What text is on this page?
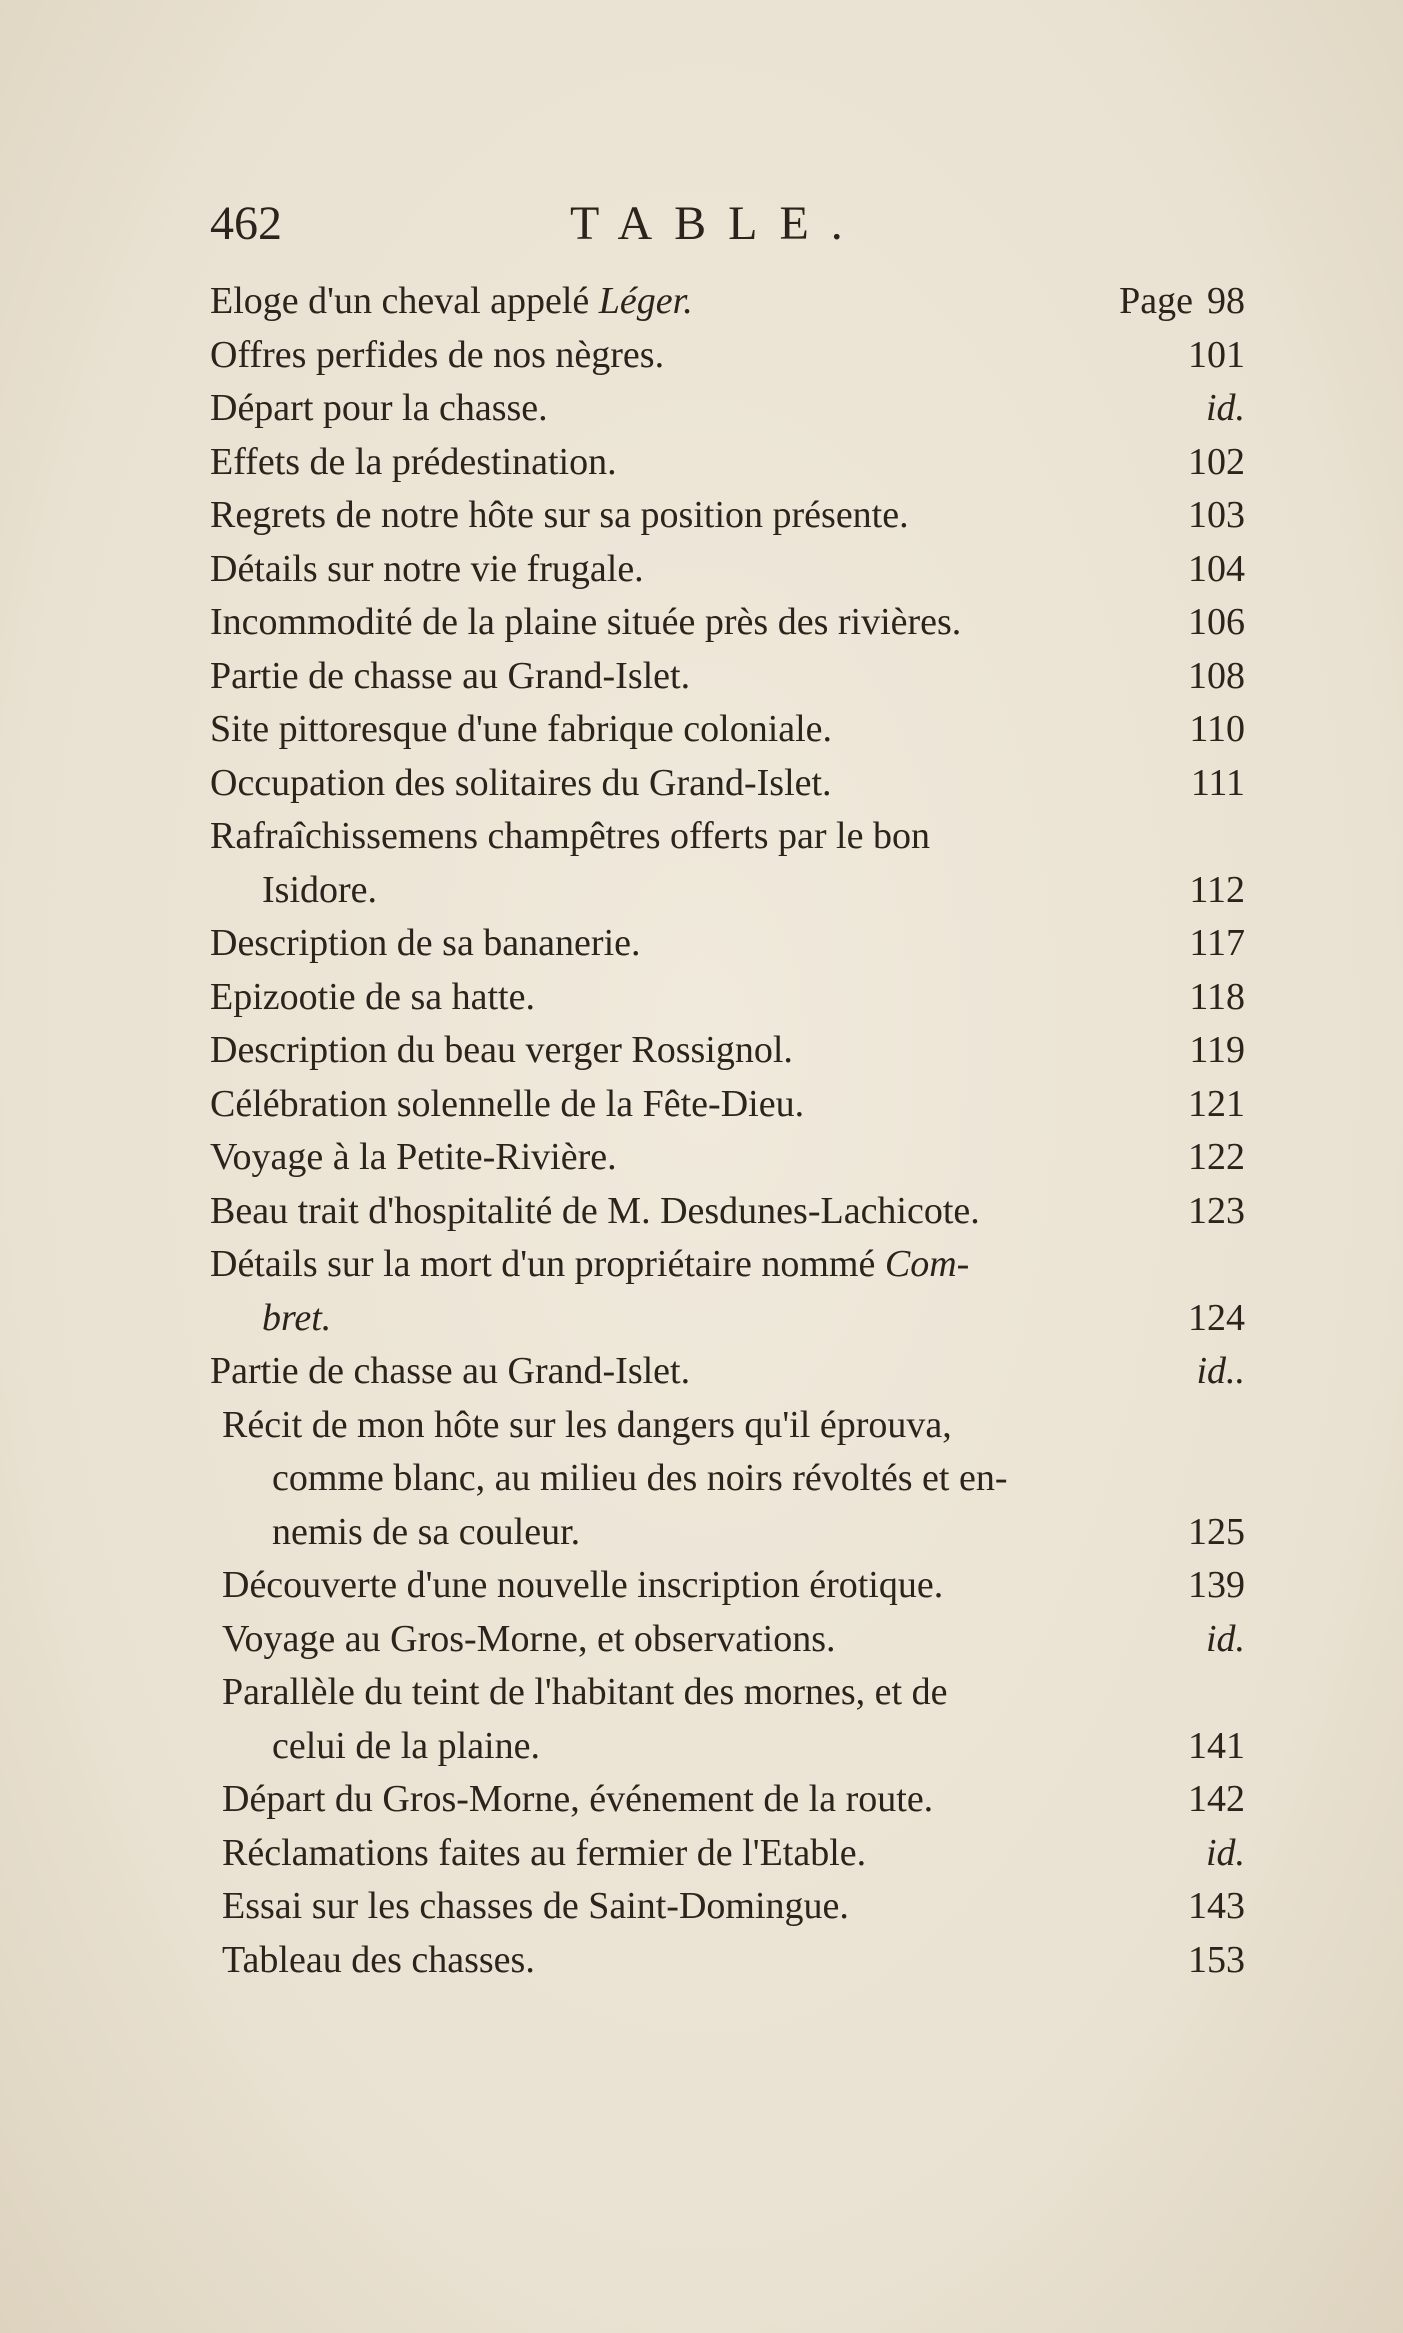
462	TABLE.
Eloge d'un cheval appelé Léger.	Page 98
Offres perfides de nos nègres.	101
Départ pour la chasse.	id.
Effets de la prédestination.	102
Regrets de notre hôte sur sa position présente.	103
Détails sur notre vie frugale.	104
Incommodité de la plaine située près des rivières.	106
Partie de chasse au Grand-Islet.	108
Site pittoresque d'une fabrique coloniale.	110
Occupation des solitaires du Grand-Islet.	111
Rafraîchissemens champêtres offerts par le bon
Isidore.	112
Description de sa bananerie.	117
Epizootie de sa hatte.	118
Description du beau verger Rossignol.	119
Célébration solennelle de la Fête-Dieu.	121
Voyage à la Petite-Rivière.	122
Beau trait d'hospitalité de M. Desdunes-Lachicote.	123
Détails sur la mort d'un propriétaire nommé Com-
bret.	124
Partie de chasse au Grand-Islet.	id..
Récit de mon hôte sur les dangers qu'il éprouva,
comme blanc, au milieu des noirs révoltés et en-
nemis de sa couleur.	125
Découverte d'une nouvelle inscription érotique.	139
Voyage au Gros-Morne, et observations.	id.
Parallèle du teint de l'habitant des mornes, et de
celui de la plaine.	141
Départ du Gros-Morne, événement de la route.	142
Réclamations faites au fermier de l'Etable.	id.
Essai sur les chasses de Saint-Domingue.	143
Tableau des chasses.	153
